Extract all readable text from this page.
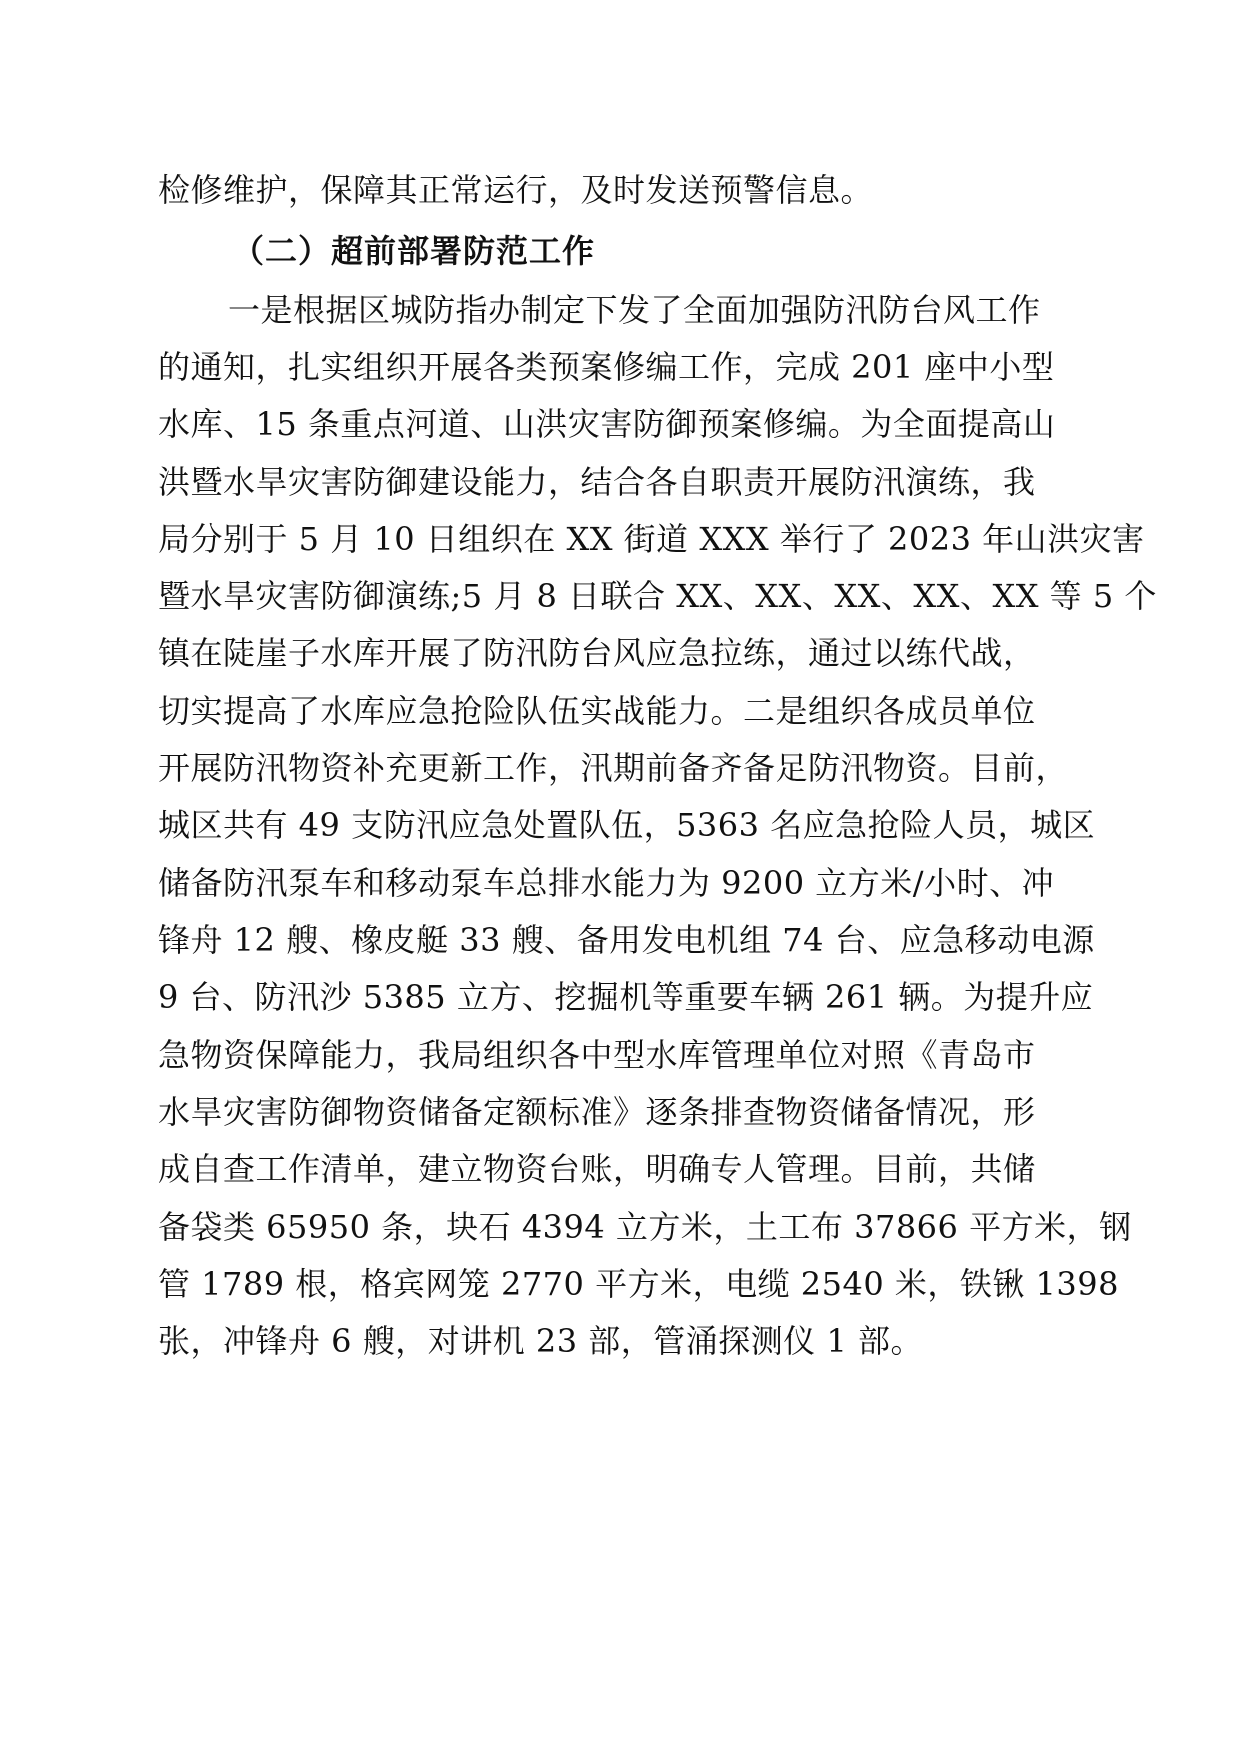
检修维护，保障其正常运行，及时发送预警信息。
（二）超前部署防范工作
一是根据区城防指办制定下发了全面加强防汛防台风工作
的通知，扎实组织开展各类预案修编工作，完成 201 座中小型
水库、15 条重点河道、山洪灾害防御预案修编。为全面提高山
洪暨水旱灾害防御建设能力，结合各自职责开展防汛演练，我
局分别于 5 月 10 日组织在 XX 街道 XXX 举行了 2023 年山洪灾害
暨水旱灾害防御演练;5 月 8 日联合 XX、XX、XX、XX、XX 等 5 个
镇在陡崖子水库开展了防汛防台风应急拉练，通过以练代战，
切实提高了水库应急抢险队伍实战能力。二是组织各成员单位
开展防汛物资补充更新工作，汛期前备齐备足防汛物资。目前，
城区共有 49 支防汛应急处置队伍，5363 名应急抢险人员，城区
储备防汛泵车和移动泵车总排水能力为 9200 立方米/小时、冲
锋舟 12 艘、橡皮艇 33 艘、备用发电机组 74 台、应急移动电源
9 台、防汛沙 5385 立方、挖掘机等重要车辆 261 辆。为提升应
急物资保障能力，我局组织各中型水库管理单位对照《青岛市
水旱灾害防御物资储备定额标准》逐条排查物资储备情况，形
成自查工作清单，建立物资台账，明确专人管理。目前，共储
备袋类 65950 条，块石 4394 立方米，土工布 37866 平方米，钢
管 1789 根，格宾网笼 2770 平方米，电缆 2540 米，铁锹 1398
张，冲锋舟 6 艘，对讲机 23 部，管涌探测仪 1 部。
